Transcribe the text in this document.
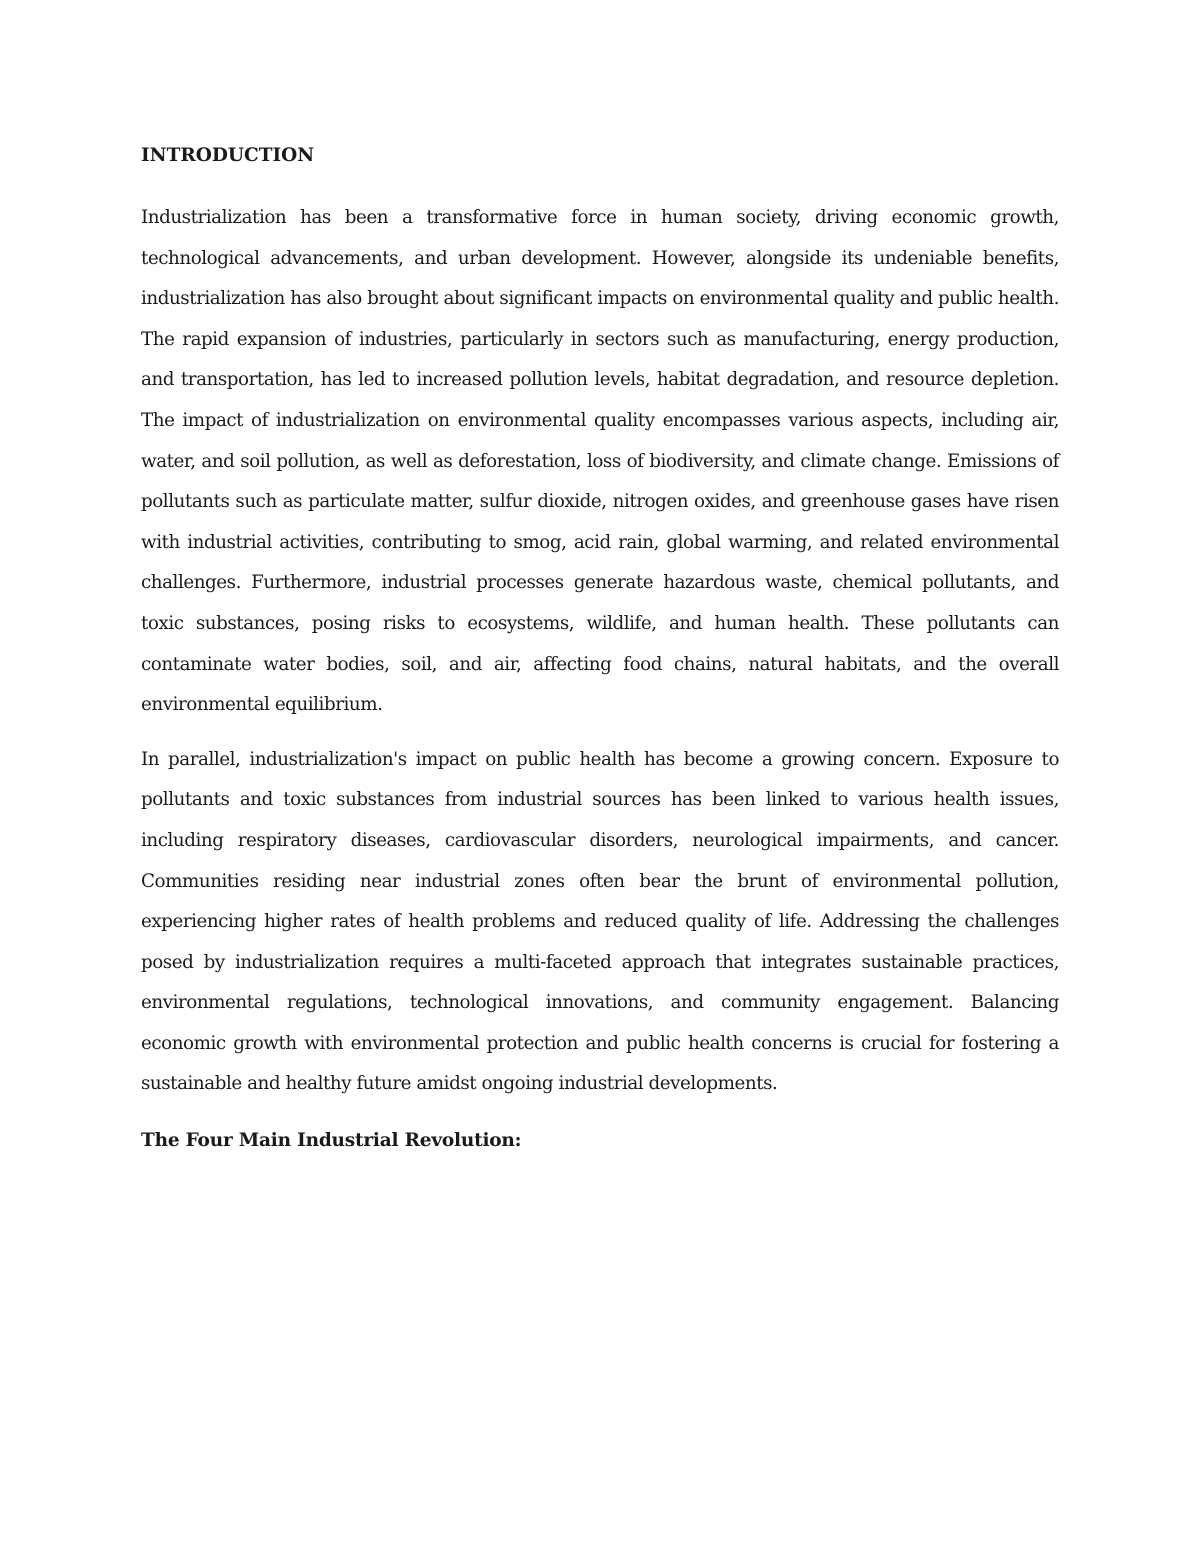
INTRODUCTION

Industrialization has been a transformative force in human society, driving economic growth, technological advancements, and urban development. However, alongside its undeniable benefits, industrialization has also brought about significant impacts on environmental quality and public health. The rapid expansion of industries, particularly in sectors such as manufacturing, energy production, and transportation, has led to increased pollution levels, habitat degradation, and resource depletion. The impact of industrialization on environmental quality encompasses various aspects, including air, water, and soil pollution, as well as deforestation, loss of biodiversity, and climate change. Emissions of pollutants such as particulate matter, sulfur dioxide, nitrogen oxides, and greenhouse gases have risen with industrial activities, contributing to smog, acid rain, global warming, and related environmental challenges. Furthermore, industrial processes generate hazardous waste, chemical pollutants, and toxic substances, posing risks to ecosystems, wildlife, and human health. These pollutants can contaminate water bodies, soil, and air, affecting food chains, natural habitats, and the overall environmental equilibrium.

In parallel, industrialization's impact on public health has become a growing concern. Exposure to pollutants and toxic substances from industrial sources has been linked to various health issues, including respiratory diseases, cardiovascular disorders, neurological impairments, and cancer. Communities residing near industrial zones often bear the brunt of environmental pollution, experiencing higher rates of health problems and reduced quality of life. Addressing the challenges posed by industrialization requires a multi-faceted approach that integrates sustainable practices, environmental regulations, technological innovations, and community engagement. Balancing economic growth with environmental protection and public health concerns is crucial for fostering a sustainable and healthy future amidst ongoing industrial developments.

The Four Main Industrial Revolution:
